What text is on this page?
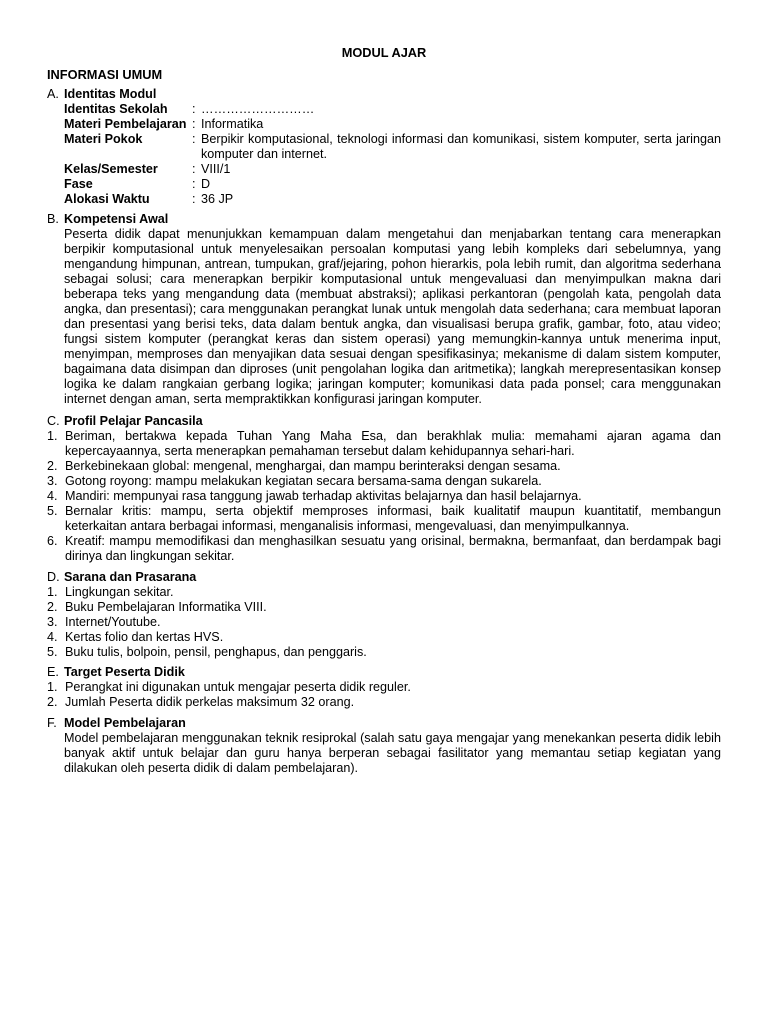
MODUL AJAR
INFORMASI UMUM
A. Identitas Modul
Identitas Sekolah	: ………………………
Materi Pembelajaran : Informatika
Materi Pokok	: Berpikir komputasional, teknologi informasi dan komunikasi, sistem komputer, serta jaringan komputer dan internet.
Kelas/Semester	: VIII/1
Fase	: D
Alokasi Waktu	: 36 JP
B. Kompetensi Awal
Peserta didik dapat menunjukkan kemampuan dalam mengetahui dan menjabarkan tentang cara menerapkan berpikir komputasional untuk menyelesaikan persoalan komputasi yang lebih kompleks dari sebelumnya, yang mengandung himpunan, antrean, tumpukan, graf/jejaring, pohon hierarkis, pola lebih rumit, dan algoritma sederhana sebagai solusi; cara menerapkan berpikir komputasional untuk mengevaluasi dan menyimpulkan makna dari beberapa teks yang mengandung data (membuat abstraksi); aplikasi perkantoran (pengolah kata, pengolah data angka, dan presentasi); cara menggunakan perangkat lunak untuk mengolah data sederhana; cara membuat laporan dan presentasi yang berisi teks, data dalam bentuk angka, dan visualisasi berupa grafik, gambar, foto, atau video; fungsi sistem komputer (perangkat keras dan sistem operasi) yang memungkin-kannya untuk menerima input, menyimpan, memproses dan menyajikan data sesuai dengan spesifikasinya; mekanisme di dalam sistem komputer, bagaimana data disimpan dan diproses (unit pengolahan logika dan aritmetika); langkah merepresentasikan konsep logika ke dalam rangkaian gerbang logika; jaringan komputer; komunikasi data pada ponsel; cara menggunakan internet dengan aman, serta mempraktikkan konfigurasi jaringan komputer.
C. Profil Pelajar Pancasila
1. Beriman, bertakwa kepada Tuhan Yang Maha Esa, dan berakhlak mulia: memahami ajaran agama dan kepercayaannya, serta menerapkan pemahaman tersebut dalam kehidupannya sehari-hari.
2. Berkebinekaan global: mengenal, menghargai, dan mampu berinteraksi dengan sesama.
3. Gotong royong: mampu melakukan kegiatan secara bersama-sama dengan sukarela.
4. Mandiri: mempunyai rasa tanggung jawab terhadap aktivitas belajarnya dan hasil belajarnya.
5. Bernalar kritis: mampu, serta objektif memproses informasi, baik kualitatif maupun kuantitatif, membangun keterkaitan antara berbagai informasi, menganalisis informasi, mengevaluasi, dan menyimpulkannya.
6. Kreatif: mampu memodifikasi dan menghasilkan sesuatu yang orisinal, bermakna, bermanfaat, dan berdampak bagi dirinya dan lingkungan sekitar.
D. Sarana dan Prasarana
1. Lingkungan sekitar.
2. Buku Pembelajaran Informatika VIII.
3. Internet/Youtube.
4. Kertas folio dan kertas HVS.
5. Buku tulis, bolpoin, pensil, penghapus, dan penggaris.
E. Target Peserta Didik
1. Perangkat ini digunakan untuk mengajar peserta didik reguler.
2. Jumlah Peserta didik perkelas maksimum 32 orang.
F. Model Pembelajaran
Model pembelajaran menggunakan teknik resiprokal (salah satu gaya mengajar yang menekankan peserta didik lebih banyak aktif untuk belajar dan guru hanya berperan sebagai fasilitator yang memantau setiap kegiatan yang dilakukan oleh peserta didik di dalam pembelajaran).
